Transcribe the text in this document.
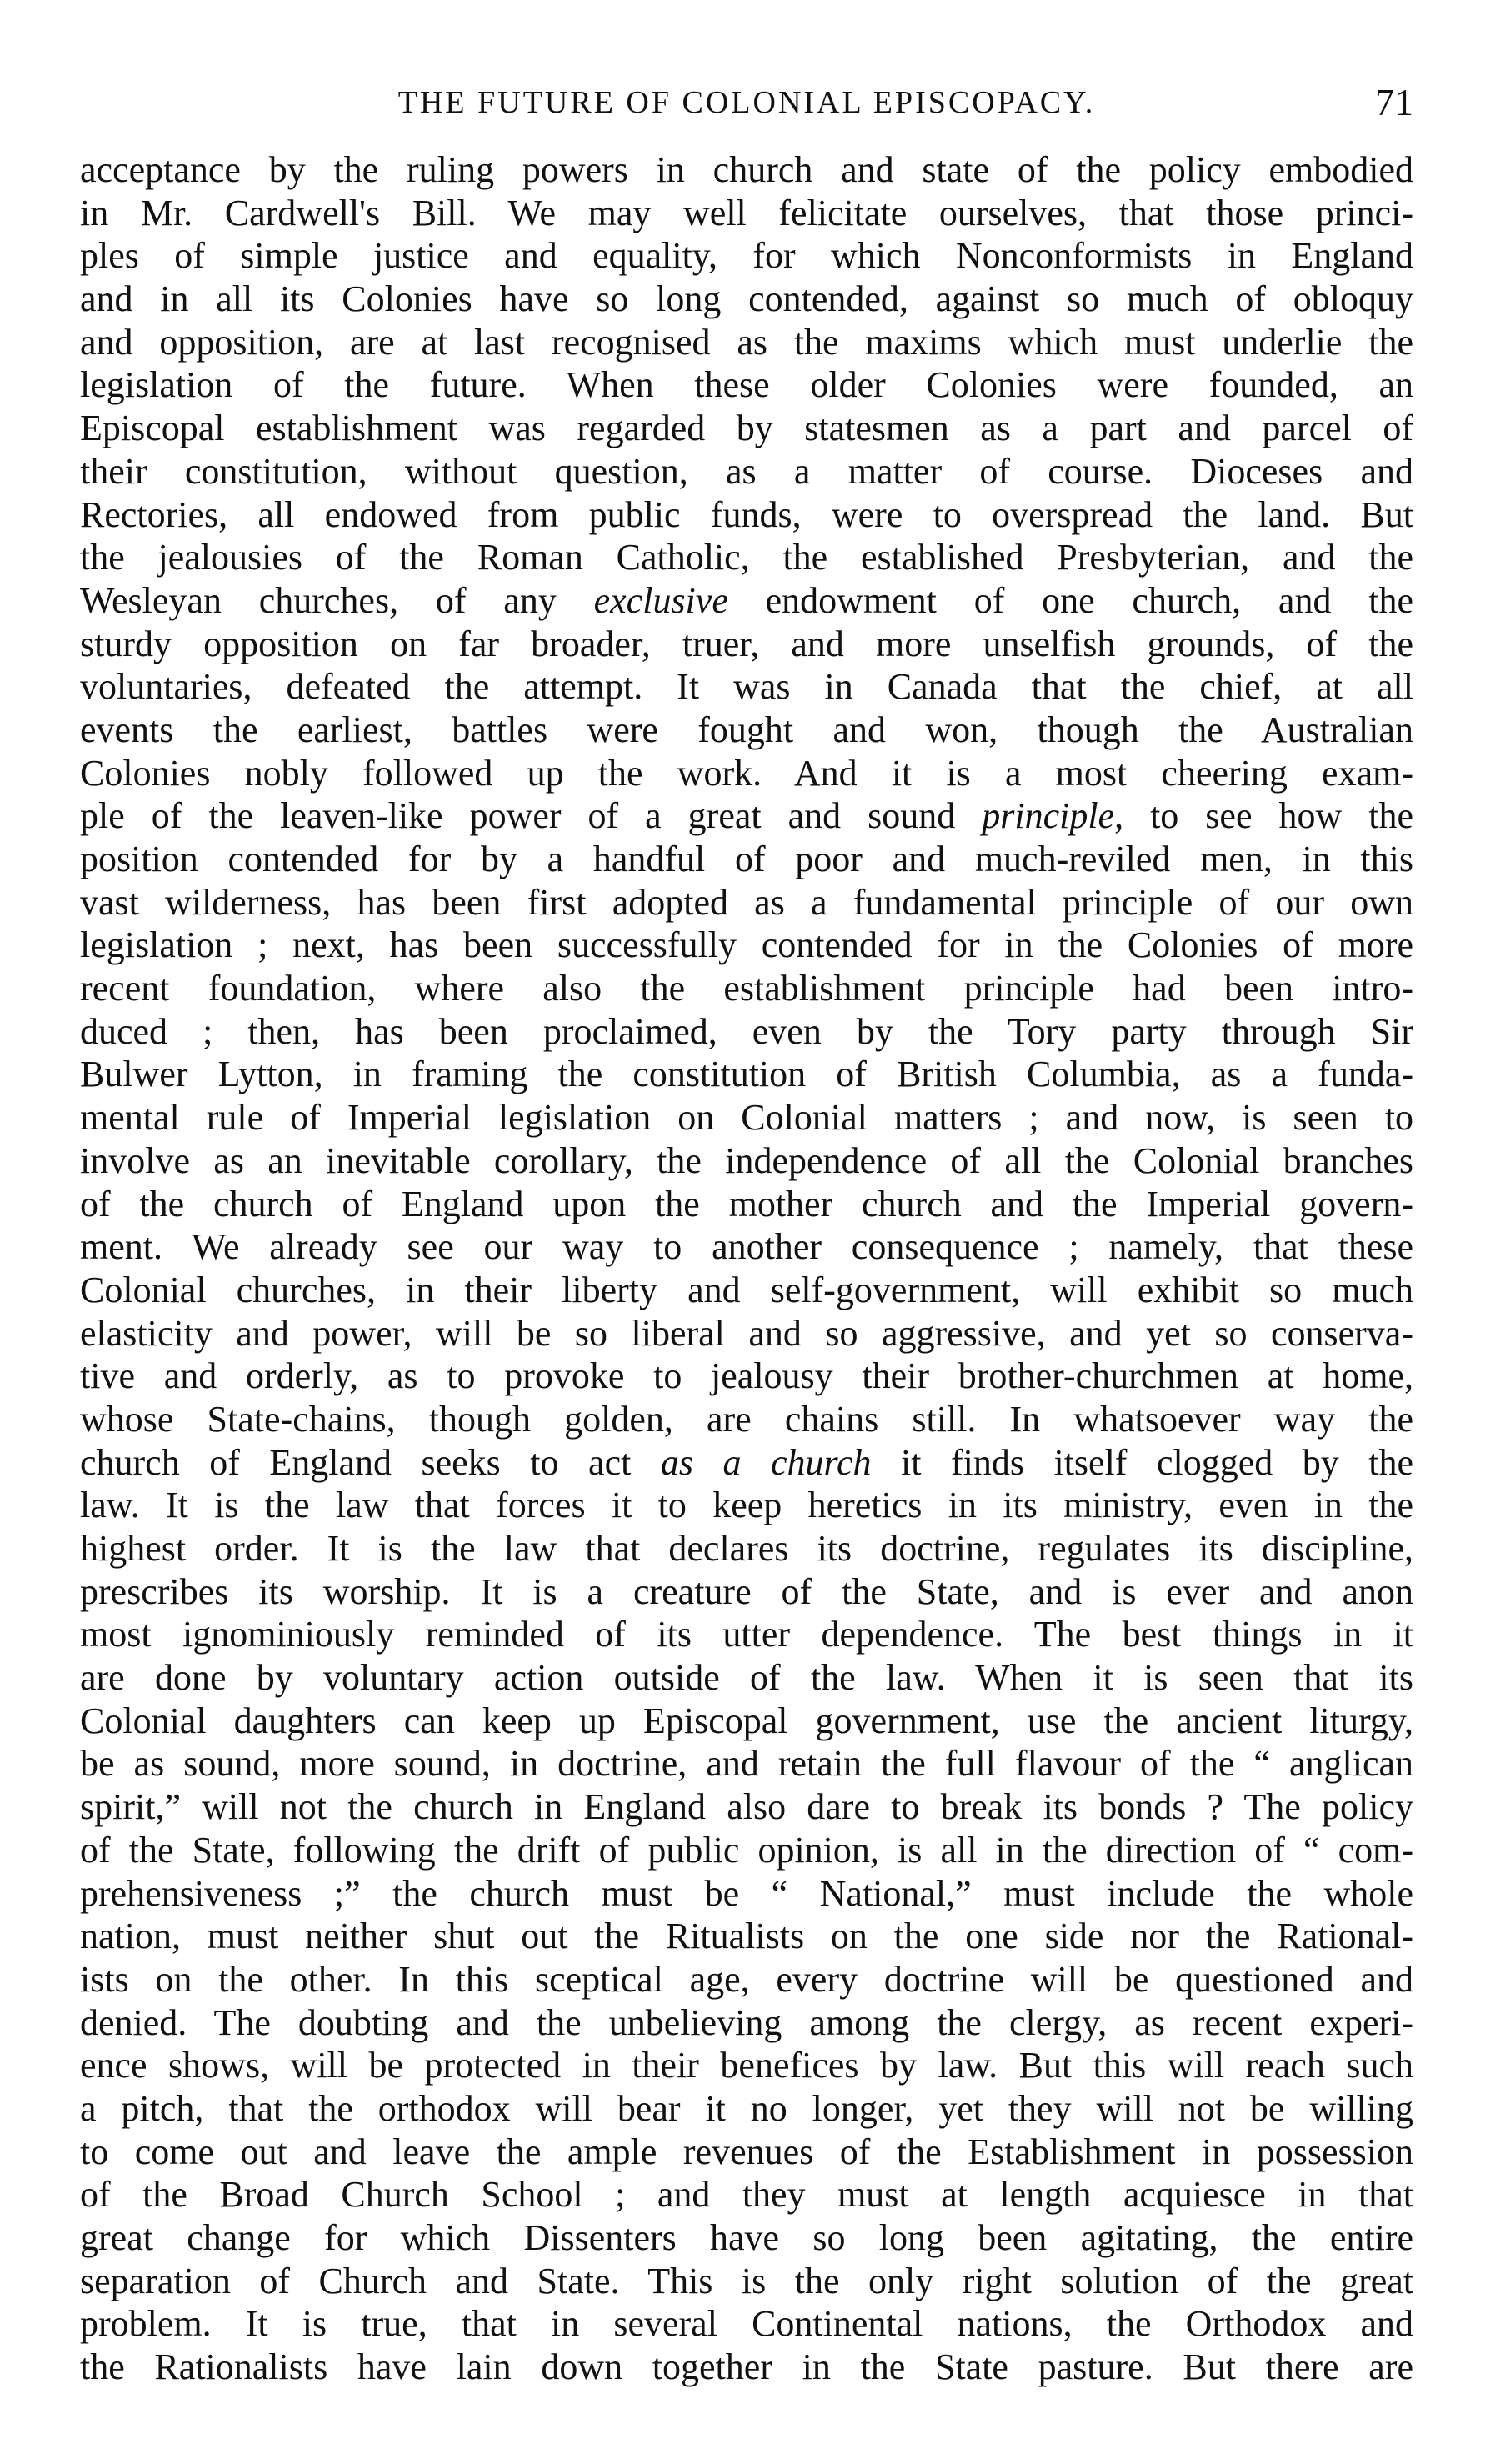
THE FUTURE OF COLONIAL EPISCOPACY.	71
acceptance by the ruling powers in church and state of the policy embodied
in Mr. Cardwell's Bill. We may well felicitate ourselves, that those princi-
ples of simple justice and equality, for which Nonconformists in England
and in all its Colonies have so long contended, against so much of obloquy
and opposition, are at last recognised as the maxims which must underlie the
legislation of the future. When these older Colonies were founded, an
Episcopal establishment was regarded by statesmen as a part and parcel of
their constitution, without question, as a matter of course. Dioceses and
Rectories, all endowed from public funds, were to overspread the land. But
the jealousies of the Roman Catholic, the established Presbyterian, and the
Wesleyan churches, of any exclusive endowment of one church, and the
sturdy opposition on far broader, truer, and more unselfish grounds, of the
voluntaries, defeated the attempt. It was in Canada that the chief, at all
events the earliest, battles were fought and won, though the Australian
Colonies nobly followed up the work. And it is a most cheering exam-
ple of the leaven-like power of a great and sound principle, to see how the
position contended for by a handful of poor and much-reviled men, in this
vast wilderness, has been first adopted as a fundamental principle of our own
legislation ; next, has been successfully contended for in the Colonies of more
recent foundation, where also the establishment principle had been intro-
duced ; then, has been proclaimed, even by the Tory party through Sir
Bulwer Lytton, in framing the constitution of British Columbia, as a funda-
mental rule of Imperial legislation on Colonial matters ; and now, is seen to
involve as an inevitable corollary, the independence of all the Colonial branches
of the church of England upon the mother church and the Imperial govern-
ment. We already see our way to another consequence ; namely, that these
Colonial churches, in their liberty and self-government, will exhibit so much
elasticity and power, will be so liberal and so aggressive, and yet so conserva-
tive and orderly, as to provoke to jealousy their brother-churchmen at home,
whose State-chains, though golden, are chains still. In whatsoever way the
church of England seeks to act as a church it finds itself clogged by the
law. It is the law that forces it to keep heretics in its ministry, even in the
highest order. It is the law that declares its doctrine, regulates its discipline,
prescribes its worship. It is a creature of the State, and is ever and anon
most ignominiously reminded of its utter dependence. The best things in it
are done by voluntary action outside of the law. When it is seen that its
Colonial daughters can keep up Episcopal government, use the ancient liturgy,
be as sound, more sound, in doctrine, and retain the full flavour of the “ anglican
spirit,” will not the church in England also dare to break its bonds ? The policy
of the State, following the drift of public opinion, is all in the direction of “ com-
prehensiveness ;” the church must be “ National,” must include the whole
nation, must neither shut out the Ritualists on the one side nor the Rational-
ists on the other. In this sceptical age, every doctrine will be questioned and
denied. The doubting and the unbelieving among the clergy, as recent experi-
ence shows, will be protected in their benefices by law. But this will reach such
a pitch, that the orthodox will bear it no longer, yet they will not be willing
to come out and leave the ample revenues of the Establishment in possession
of the Broad Church School ; and they must at length acquiesce in that
great change for which Dissenters have so long been agitating, the entire
separation of Church and State. This is the only right solution of the great
problem. It is true, that in several Continental nations, the Orthodox and
the Rationalists have lain down together in the State pasture. But there are
